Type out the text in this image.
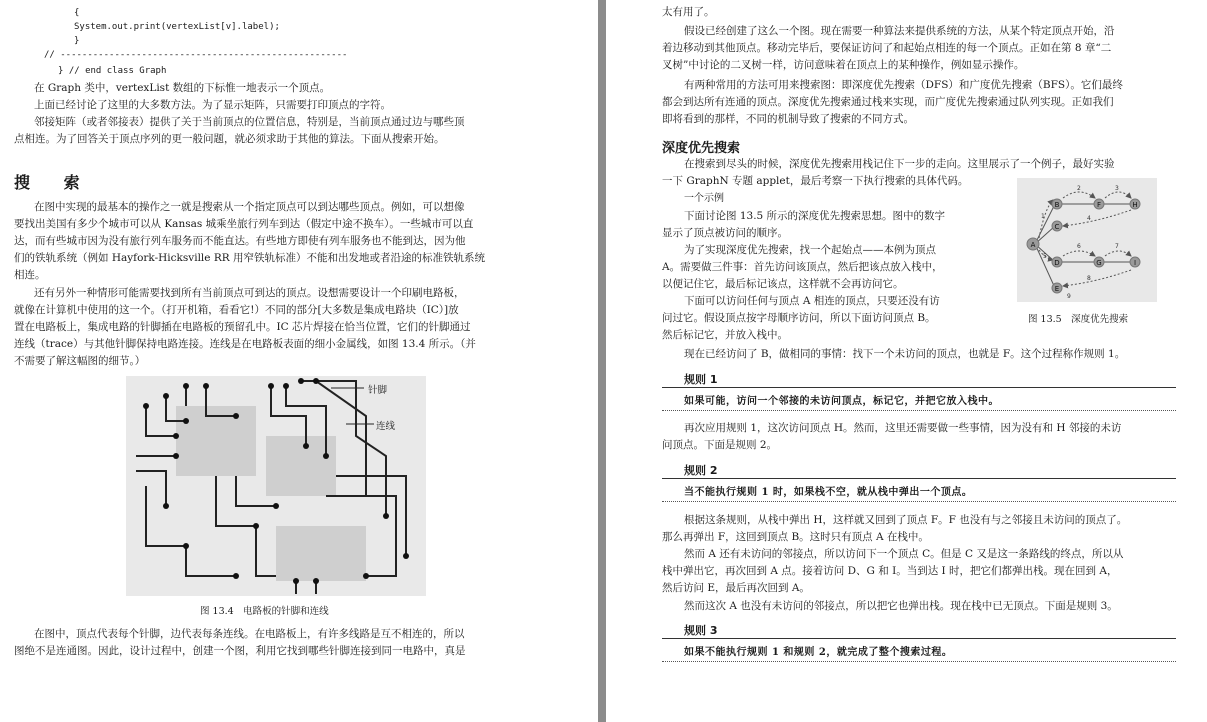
{
System.out.print(vertexList[v].label);
}
// -----------------------------------------------------
} // end class Graph
在 Graph 类中，vertexList 数组的下标惟一地表示一个顶点。
上面已经讨论了这里的大多数方法。为了显示矩阵，只需要打印顶点的字符。
邻接矩阵（或者邻接表）提供了关于当前顶点的位置信息，特别是，当前顶点通过边与哪些顶
点相连。为了回答关于顶点序列的更一般问题，就必须求助于其他的算法。下面从搜索开始。
搜 索
在图中实现的最基本的操作之一就是搜索从一个指定顶点可以到达哪些顶点。例如，可以想像
要找出美国有多少个城市可以从 Kansas 城乘坐旅行列车到达（假定中途不换车）。一些城市可以直
达，而有些城市因为没有旅行列车服务而不能直达。有些地方即使有列车服务也不能到达，因为他
们的铁轨系统（例如 Hayfork-Hicksville RR 用窄铁轨标准）不能和出发地或者沿途的标准铁轨系统
相连。
还有另外一种情形可能需要找到所有当前顶点可到达的顶点。设想需要设计一个印刷电路板，
就像在计算机中使用的这一个。（打开机箱，看看它!）不同的部分[大多数是集成电路块（IC）]放
置在电路板上，集成电路的针脚插在电路板的预留孔中。IC 芯片焊接在恰当位置，它们的针脚通过
连线（trace）与其他针脚保持电路连接。连线是在电路板表面的细小金属线，如图 13.4 所示。（并
不需要了解这幅图的细节。）
针脚
连线
图 13.4　电路板的针脚和连线
在图中，顶点代表每个针脚，边代表每条连线。在电路板上，有许多线路是互不相连的，所以
图绝不是连通图。因此，设计过程中，创建一个图，利用它找到哪些针脚连接到同一电路中，真是
太有用了。
假设已经创建了这么一个图。现在需要一种算法来提供系统的方法，从某个特定顶点开始，沿
着边移动到其他顶点。移动完毕后，要保证访问了和起始点相连的每一个顶点。正如在第 8 章“二
叉树”中讨论的二叉树一样，访问意味着在顶点上的某种操作，例如显示操作。
有两种常用的方法可用来搜索图：即深度优先搜索（DFS）和广度优先搜索（BFS）。它们最终
都会到达所有连通的顶点。深度优先搜索通过栈来实现，而广度优先搜索通过队列实现。正如我们
即将看到的那样，不同的机制导致了搜索的不同方式。
深度优先搜索
在搜索到尽头的时候，深度优先搜索用栈记住下一步的走向。这里展示了一个例子，最好实验
一下 GraphN 专题 applet，最后考察一下执行搜索的具体代码。
一个示例
下面讨论图 13.5 所示的深度优先搜索思想。图中的数字
显示了顶点被访问的顺序。
为了实现深度优先搜索，找一个起始点——本例为顶点
A。需要做三件事：首先访问该顶点，然后把该点放入栈中，
以便记住它，最后标记该点，这样就不会再访问它。
下面可以访问任何与顶点 A 相连的顶点，只要还没有访
问过它。假设顶点按字母顺序访问，所以下面访问顶点 B。
然后标记它，并放入栈中。
A
B	F	H
C
D	G	I
E
1
2	3
4
5
6	7
8
9
图 13.5　深度优先搜索
现在已经访问了 B，做相同的事情：找下一个未访问的顶点，也就是 F。这个过程称作规则 1。
规则 1
如果可能，访问一个邻接的未访问顶点，标记它，并把它放入栈中。
再次应用规则 1，这次访问顶点 H。然而，这里还需要做一些事情，因为没有和 H 邻接的未访
问顶点。下面是规则 2。
规则 2
当不能执行规则 1 时，如果栈不空，就从栈中弹出一个顶点。
根据这条规则，从栈中弹出 H，这样就又回到了顶点 F。F 也没有与之邻接且未访问的顶点了。
那么再弹出 F，这回到顶点 B。这时只有顶点 A 在栈中。
然而 A 还有未访问的邻接点，所以访问下一个顶点 C。但是 C 又是这一条路线的终点，所以从
栈中弹出它，再次回到 A 点。接着访问 D、G 和 I。当到达 I 时，把它们都弹出栈。现在回到 A，
然后访问 E，最后再次回到 A。
然而这次 A 也没有未访问的邻接点，所以把它也弹出栈。现在栈中已无顶点。下面是规则 3。
规则 3
如果不能执行规则 1 和规则 2，就完成了整个搜索过程。
